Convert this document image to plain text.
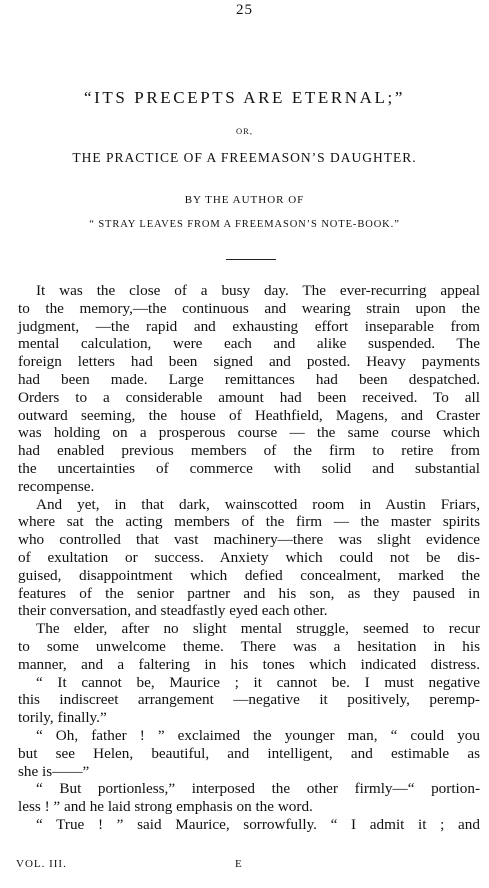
25
“ITS PRECEPTS ARE ETERNAL;”
OR,
THE PRACTICE OF A FREEMASON’S DAUGHTER.
BY THE AUTHOR OF
“ STRAY LEAVES FROM A FREEMASON’S NOTE-BOOK.”
It was the close of a busy day. The ever-recurring appeal
to the memory,—the continuous and wearing strain upon the
judgment, —the rapid and exhausting effort inseparable from
mental calculation, were each and alike suspended. The
foreign letters had been signed and posted. Heavy payments
had been made. Large remittances had been despatched.
Orders to a considerable amount had been received. To all
outward seeming, the house of Heathfield, Magens, and Craster
was holding on a prosperous course — the same course which
had enabled previous members of the firm to retire from
the uncertainties of commerce with solid and substantial
recompense.
And yet, in that dark, wainscotted room in Austin Friars,
where sat the acting members of the firm — the master spirits
who controlled that vast machinery—there was slight evidence
of exultation or success. Anxiety which could not be dis-
guised, disappointment which defied concealment, marked the
features of the senior partner and his son, as they paused in
their conversation, and steadfastly eyed each other.
The elder, after no slight mental struggle, seemed to recur
to some unwelcome theme. There was a hesitation in his
manner, and a faltering in his tones which indicated distress.
“ It cannot be, Maurice ; it cannot be. I must negative
this indiscreet arrangement —negative it positively, peremp-
torily, finally.”
“ Oh, father ! ” exclaimed the younger man, “ could you
but see Helen, beautiful, and intelligent, and estimable as
she is——”
“ But portionless,” interposed the other firmly—“ portion-
less ! ” and he laid strong emphasis on the word.
“ True ! ” said Maurice, sorrowfully. “ I admit it ; and
VOL. III.	E
